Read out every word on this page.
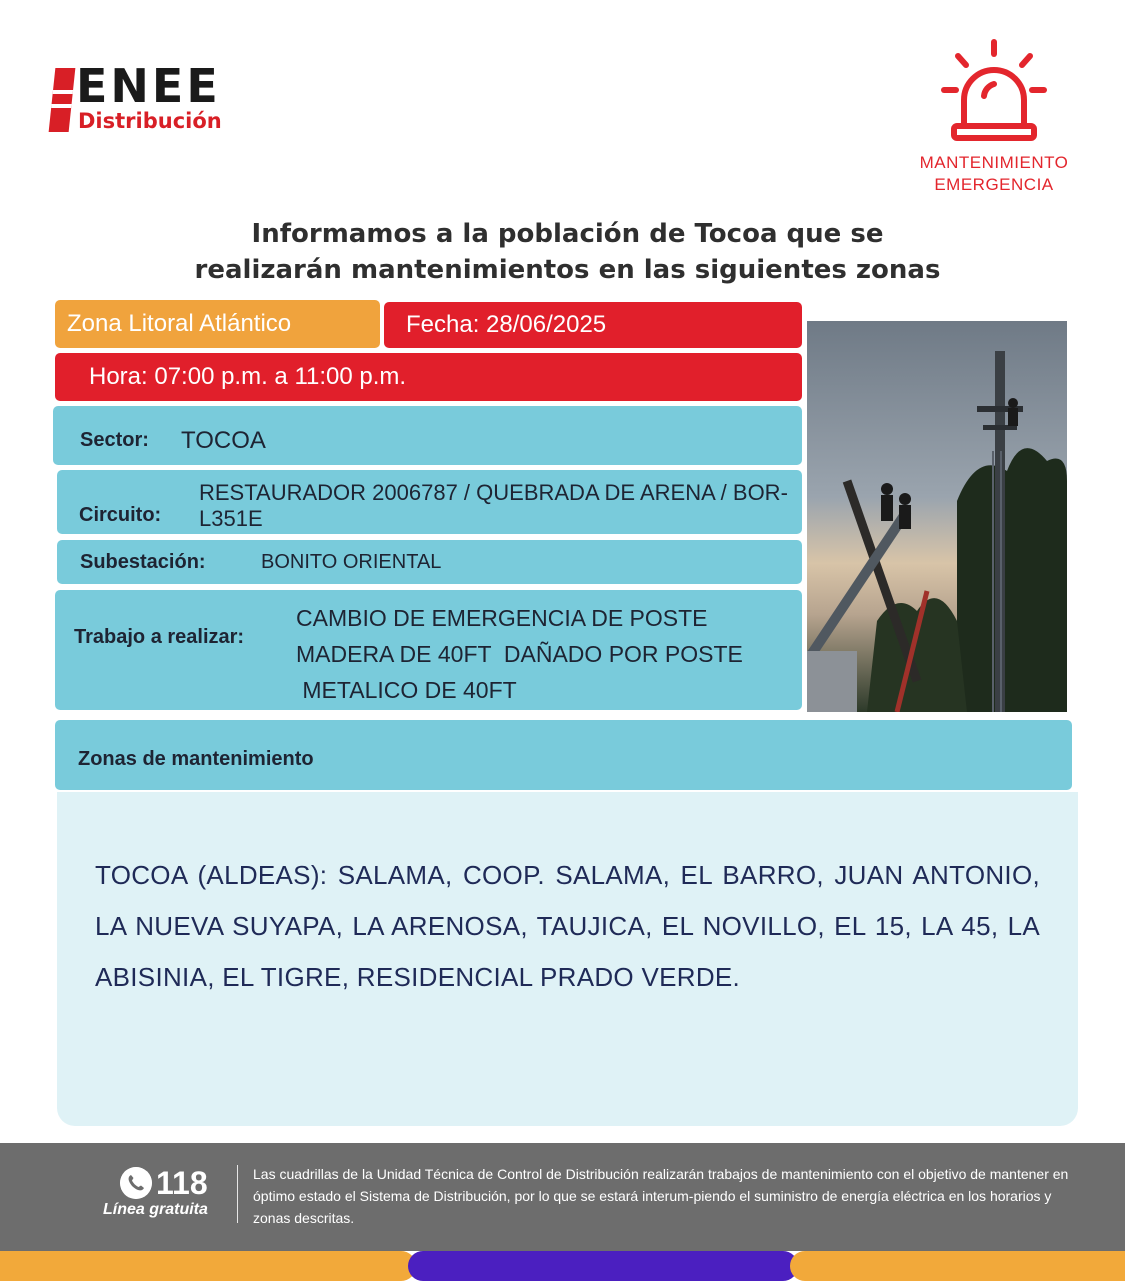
ENEE
Distribución
MANTENIMIENTO
EMERGENCIA
Informamos a la población de Tocoa que se
realizarán mantenimientos en las siguientes zonas
Zona Litoral Atlántico	Fecha: 28/06/2025
Hora: 07:00 p.m. a 11:00 p.m.
Sector: TOCOA
Circuito:
RESTAURADOR 2006787 / QUEBRADA DE ARENA / BOR-L351E
Subestación:	BONITO ORIENTAL
Trabajo a realizar:
CAMBIO DE EMERGENCIA DE POSTE
MADERA DE 40FT  DAÑADO POR POSTE
METALICO DE 40FT
Zonas de mantenimiento
TOCOA (ALDEAS): SALAMA, COOP. SALAMA, EL BARRO, JUAN ANTONIO, LA NUEVA SUYAPA, LA ARENOSA, TAUJICA, EL NOVILLO, EL 15, LA 45, LA ABISINIA, EL TIGRE, RESIDENCIAL PRADO VERDE.
118
Línea gratuita
Las cuadrillas de la Unidad Técnica de Control de Distribución realizarán trabajos de mantenimiento con el objetivo de mantener en óptimo estado el Sistema de Distribución, por lo que se estará interum-piendo el suministro de energía eléctrica en los horarios y zonas descritas.
